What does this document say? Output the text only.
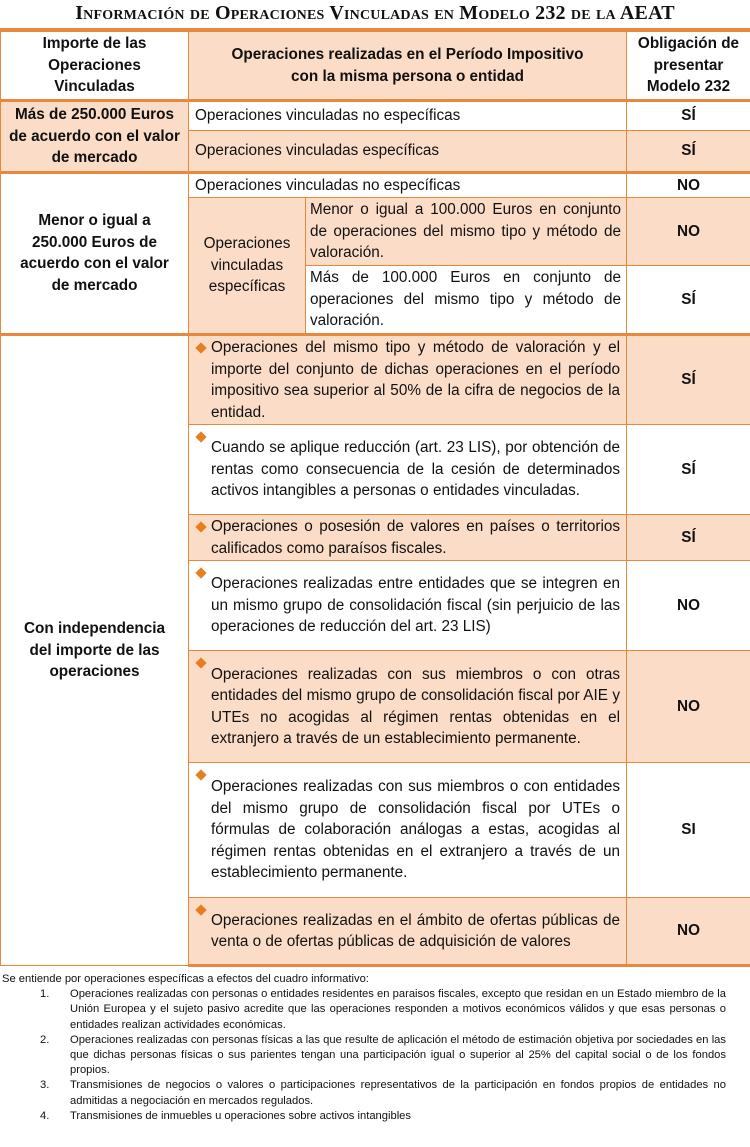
Información de Operaciones Vinculadas en Modelo 232 de la AEAT
Importe de las Operaciones Vinculadas	Operaciones realizadas en el Período Impositivo con la misma persona o entidad		Obligación de presentar Modelo 232
Más de 250.000 Euros de acuerdo con el valor de mercado	Operaciones vinculadas no específicas		SÍ
	Operaciones vinculadas específicas		SÍ
Menor o igual a 250.000 Euros de acuerdo con el valor de mercado	Operaciones vinculadas no específicas		NO
	Operaciones vinculadas específicas	Menor o igual a 100.000 Euros en conjunto de operaciones del mismo tipo y método de valoración.	NO
		Más de 100.000 Euros en conjunto de operaciones del mismo tipo y método de valoración.	SÍ
Con independencia del importe de las operaciones	Operaciones del mismo tipo y método de valoración y el importe del conjunto de dichas operaciones en el período impositivo sea superior al 50% de la cifra de negocios de la entidad.		SÍ

	Cuando se aplique reducción (art. 23 LIS), por obtención de rentas como consecuencia de la cesión de determinados activos intangibles a personas o entidades vinculadas.		SÍ

	Operaciones o posesión de valores en países o territorios calificados como paraísos fiscales.		SÍ

	Operaciones realizadas entre entidades que se integren en un mismo grupo de consolidación fiscal (sin perjuicio de las operaciones de reducción del art. 23 LIS)		NO

	Operaciones realizadas con sus miembros o con otras entidades del mismo grupo de consolidación fiscal por AIE y UTEs no acogidas al régimen rentas obtenidas en el extranjero a través de un establecimiento permanente.		NO

	Operaciones realizadas con sus miembros o con entidades del mismo grupo de consolidación fiscal por UTEs o fórmulas de colaboración análogas a estas, acogidas al régimen rentas obtenidas en el extranjero a través de un establecimiento permanente.		SI

	Operaciones realizadas en el ámbito de ofertas públicas de venta o de ofertas públicas de adquisición de valores		NO
Se entiende por operaciones específicas a efectos del cuadro informativo:
1. Operaciones realizadas con personas o entidades residentes en paraisos fiscales, excepto que residan en un Estado miembro de la Unión Europea y el sujeto pasivo acredite que las operaciones responden a motivos económicos válidos y que esas personas o entidades realizan actividades económicas.
2. Operaciones realizadas con personas físicas a las que resulte de aplicación el método de estimación objetiva por sociedades en las que dichas personas físicas o sus parientes tengan una participación igual o superior al 25% del capital social o de los fondos propios.
3. Transmisiones de negocios o valores o participaciones representativos de la participación en fondos propios de entidades no admitidas a negociación en mercados regulados.
4. Transmisiones de inmuebles u operaciones sobre activos intangibles
